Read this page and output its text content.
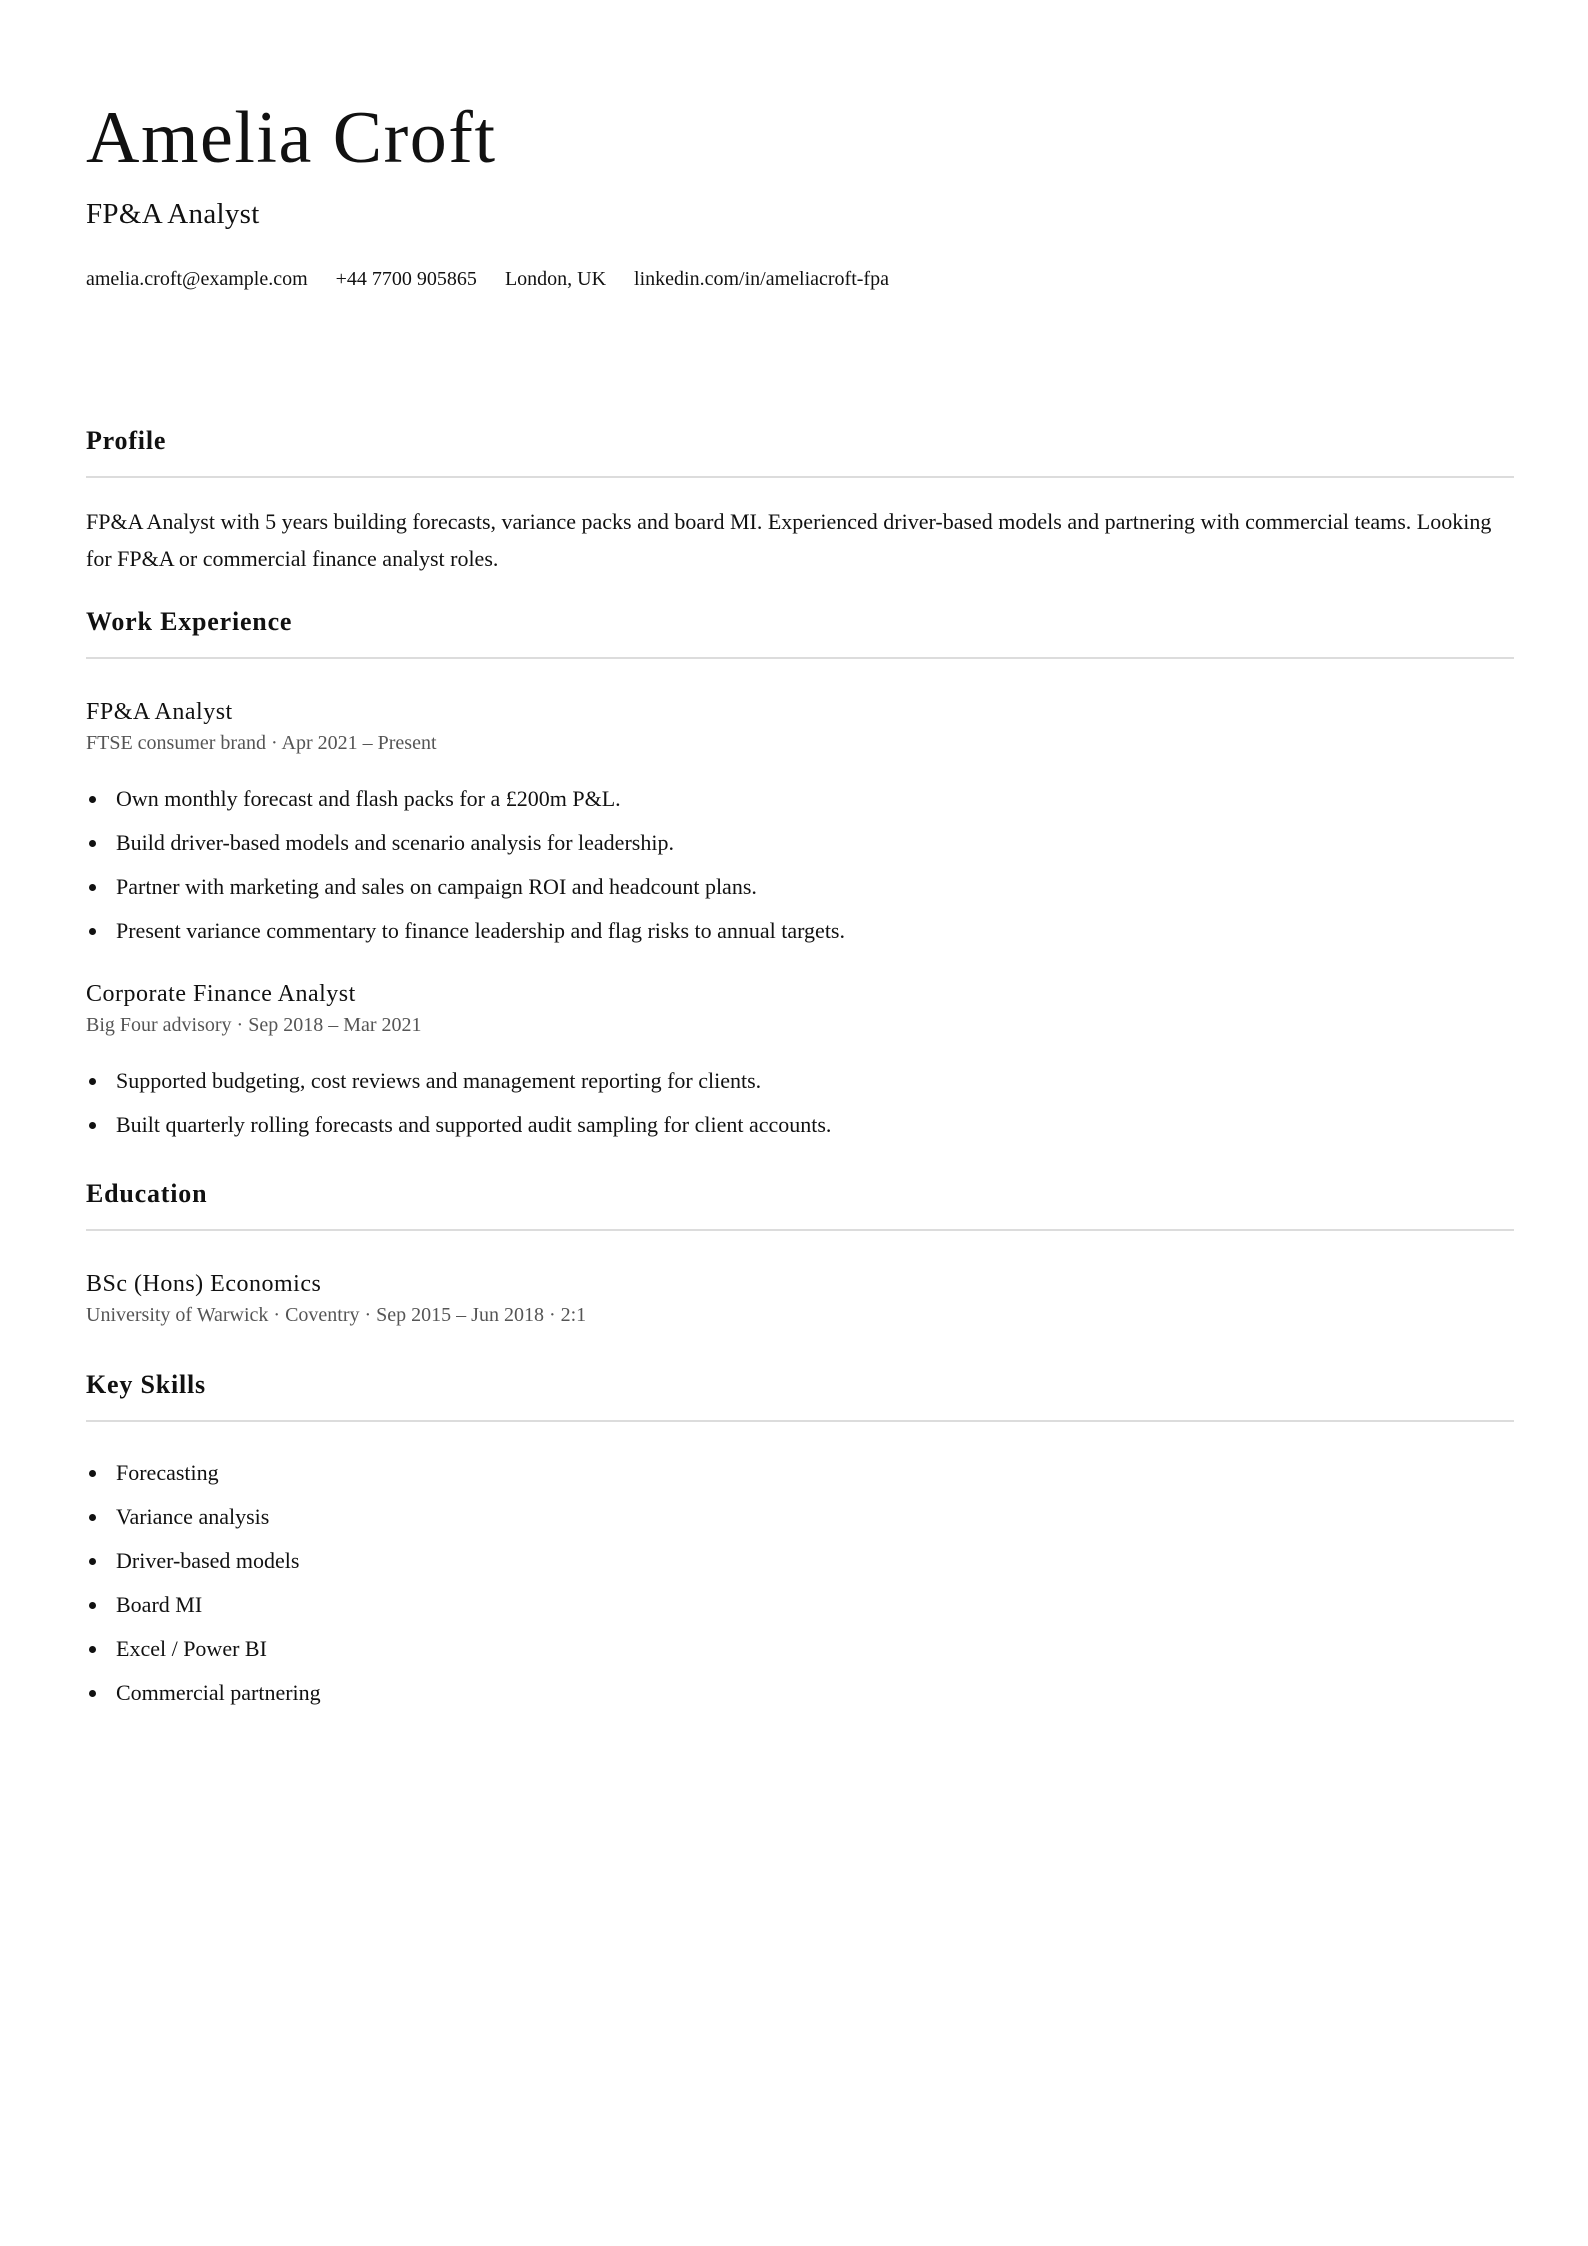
Amelia Croft
FP&A Analyst
amelia.croft@example.com +44 7700 905865 London, UK linkedin.com/in/ameliacroft-fpa
Profile
FP&A Analyst with 5 years building forecasts, variance packs and board MI. Experienced driver-based models and partnering with commercial teams. Looking for FP&A or commercial finance analyst roles.
Work Experience
FP&A Analyst
FTSE consumer brand · Apr 2021 – Present
Own monthly forecast and flash packs for a £200m P&L.
Build driver-based models and scenario analysis for leadership.
Partner with marketing and sales on campaign ROI and headcount plans.
Present variance commentary to finance leadership and flag risks to annual targets.
Corporate Finance Analyst
Big Four advisory · Sep 2018 – Mar 2021
Supported budgeting, cost reviews and management reporting for clients.
Built quarterly rolling forecasts and supported audit sampling for client accounts.
Education
BSc (Hons) Economics
University of Warwick · Coventry · Sep 2015 – Jun 2018 · 2:1
Key Skills
Forecasting
Variance analysis
Driver-based models
Board MI
Excel / Power BI
Commercial partnering
